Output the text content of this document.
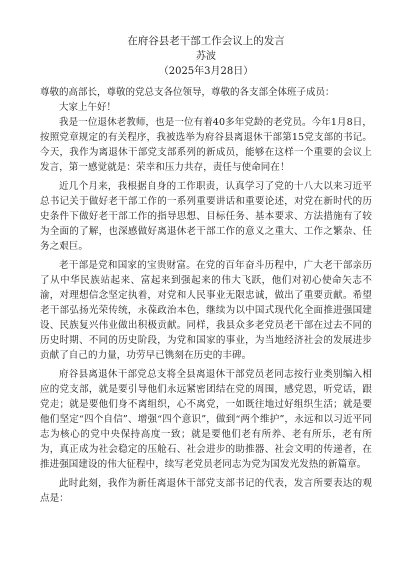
在府谷县老干部工作会议上的发言

苏波

（2025年3月28日）

尊敬的高部长，尊敬的党总支各位领导，尊敬的各支部全体班子成员：

大家上午好！

我是一位退休老教师，也是一位有着40多年党龄的老党员。今年1月8日，按照党章规定的有关程序，我被选举为府谷县离退休干部第15党支部的书记。今天，我作为离退休干部党支部系列的新成员，能够在这样一个重要的会议上发言，第一感觉就是：荣幸和压力共存，责任与使命同在！

近几个月来，我根据自身的工作职责，认真学习了党的十八大以来习近平总书记关于做好老干部工作的一系列重要讲话和重要论述，对党在新时代的历史条件下做好老干部工作的指导思想、目标任务、基本要求、方法措施有了较为全面的了解，也深感做好离退休老干部工作的意义之重大、工作之繁杂、任务之艰巨。

老干部是党和国家的宝贵财富。在党的百年奋斗历程中，广大老干部亲历了从中华民族站起来、富起来到强起来的伟大飞跃，他们对初心使命矢志不渝，对理想信念坚定执着，对党和人民事业无限忠诚，做出了重要贡献。希望老干部弘扬光荣传统，永葆政治本色，继续为以中国式现代化全面推进强国建设、民族复兴伟业做出积极贡献。同样，我县众多老党员老干部在过去不同的历史时期、不同的历史阶段，为党和国家的事业，为当地经济社会的发展进步贡献了自己的力量，功劳早已镌刻在历史的丰碑。

府谷县离退休干部党总支将全县离退休干部党员老同志按行业类别编入相应的党支部，就是要引导他们永远紧密团结在党的周围，感党恩，听党话，跟党走；就是要他们身不离组织，心不离党，一如既往地过好组织生活；就是要他们坚定“四个自信”、增强“四个意识”，做到“两个维护”，永远和以习近平同志为核心的党中央保持高度一致；就是要他们老有所养、老有所乐，老有所为，真正成为社会稳定的压舱石、社会进步的助推器、社会文明的传递者，在推进强国建设的伟大征程中，续写老党员老同志为党为国发光发热的新篇章。

此时此刻，我作为新任离退休干部党支部书记的代表，发言所要表达的观点是：
